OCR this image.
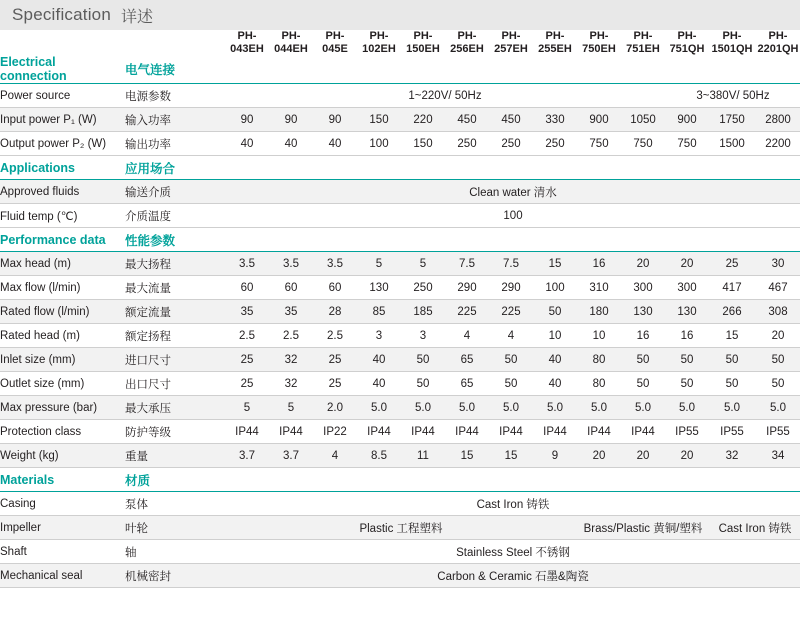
Specification 详述
		PH-043EH	PH-044EH	PH-045E	PH-102EH	PH-150EH	PH-256EH	PH-257EH	PH-255EH	PH-750EH	PH-751EH	PH-751QH	PH-1501QH	PH-2201QH
Electrical connection	电气连接													
Power source	电源参数	1~220V/ 50Hz										3~380V/ 50Hz		
Input power P₁ (W)	输入功率	90	90	90	150	220	450	450	330	900	1050	900	1750	2800
Output power P₂ (W)	输出功率	40	40	40	100	150	250	250	250	750	750	750	1500	2200
Applications	应用场合													
Approved fluids	输送介质	Clean water 清水												
Fluid temp (℃)	介质温度	100												
Performance data	性能参数													
Max head (m)	最大扬程	3.5	3.5	3.5	5	5	7.5	7.5	15	16	20	20	25	30
Max flow (l/min)	最大流量	60	60	60	130	250	290	290	100	310	300	300	417	467
Rated flow (l/min)	额定流量	35	35	28	85	185	225	225	50	180	130	130	266	308
Rated head (m)	额定扬程	2.5	2.5	2.5	3	3	4	4	10	10	16	16	15	20
Inlet size (mm)	进口尺寸	25	32	25	40	50	65	50	40	80	50	50	50	50
Outlet size (mm)	出口尺寸	25	32	25	40	50	65	50	40	80	50	50	50	50
Max pressure (bar)	最大承压	5	5	2.0	5.0	5.0	5.0	5.0	5.0	5.0	5.0	5.0	5.0	5.0
Protection class	防护等级	IP44	IP44	IP22	IP44	IP44	IP44	IP44	IP44	IP44	IP44	IP55	IP55	IP55
Weight (kg)	重量	3.7	3.7	4	8.5	11	15	15	9	20	20	20	32	34
Materials	材质													
Casing	泵体	Cast Iron 铸铁												
Impeller	叶轮	Plastic 工程塑料								Brass/Plastic 黄铜/塑料			Cast Iron 铸铁	
Shaft	轴	Stainless Steel 不锈钢												
Mechanical seal	机械密封	Carbon & Ceramic 石墨&陶瓷												
